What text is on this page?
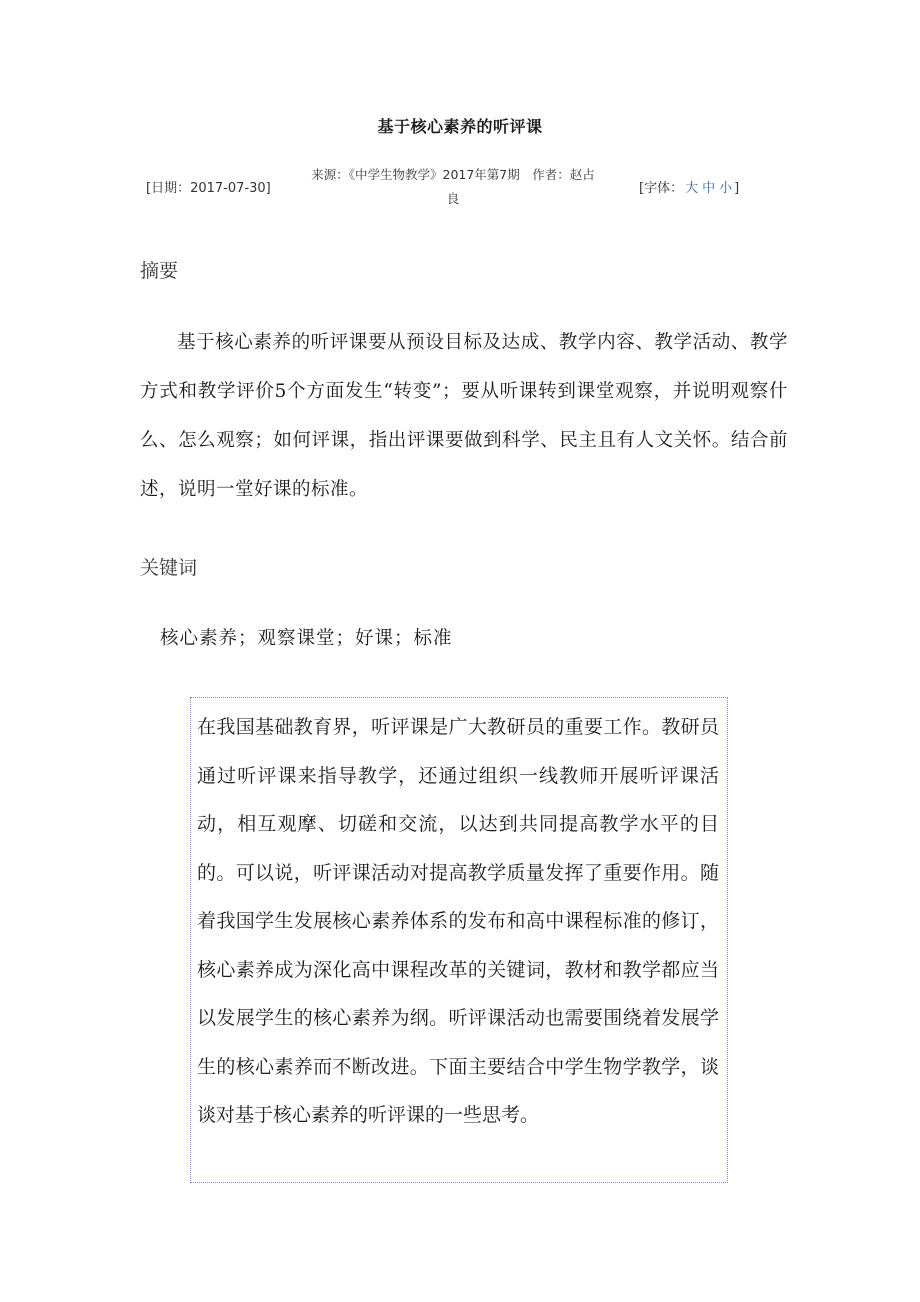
基于核心素养的听评课
[日期：2017-07-30]
来源：《中学生物教学》2017年第7期　作者：赵占良
[字体： 大 中 小 ]
摘要

基于核心素养的听评课要从预设目标及达成、教学内容、教学活动、教学方式和教学评价5个方面发生“转变”；要从听课转到课堂观察，并说明观察什么、怎么观察；如何评课，指出评课要做到科学、民主且有人文关怀。结合前述，说明一堂好课的标准。

关键词
核心素养；观察课堂；好课；标准

在我国基础教育界，听评课是广大教研员的重要工作。教研员通过听评课来指导教学，还通过组织一线教师开展听评课活动，相互观摩、切磋和交流，以达到共同提高教学水平的目的。可以说，听评课活动对提高教学质量发挥了重要作用。随着我国学生发展核心素养体系的发布和高中课程标准的修订，核心素养成为深化高中课程改革的关键词，教材和教学都应当以发展学生的核心素养为纲。听评课活动也需要围绕着发展学生的核心素养而不断改进。下面主要结合中学生物学教学，谈谈对基于核心素养的听评课的一些思考。
